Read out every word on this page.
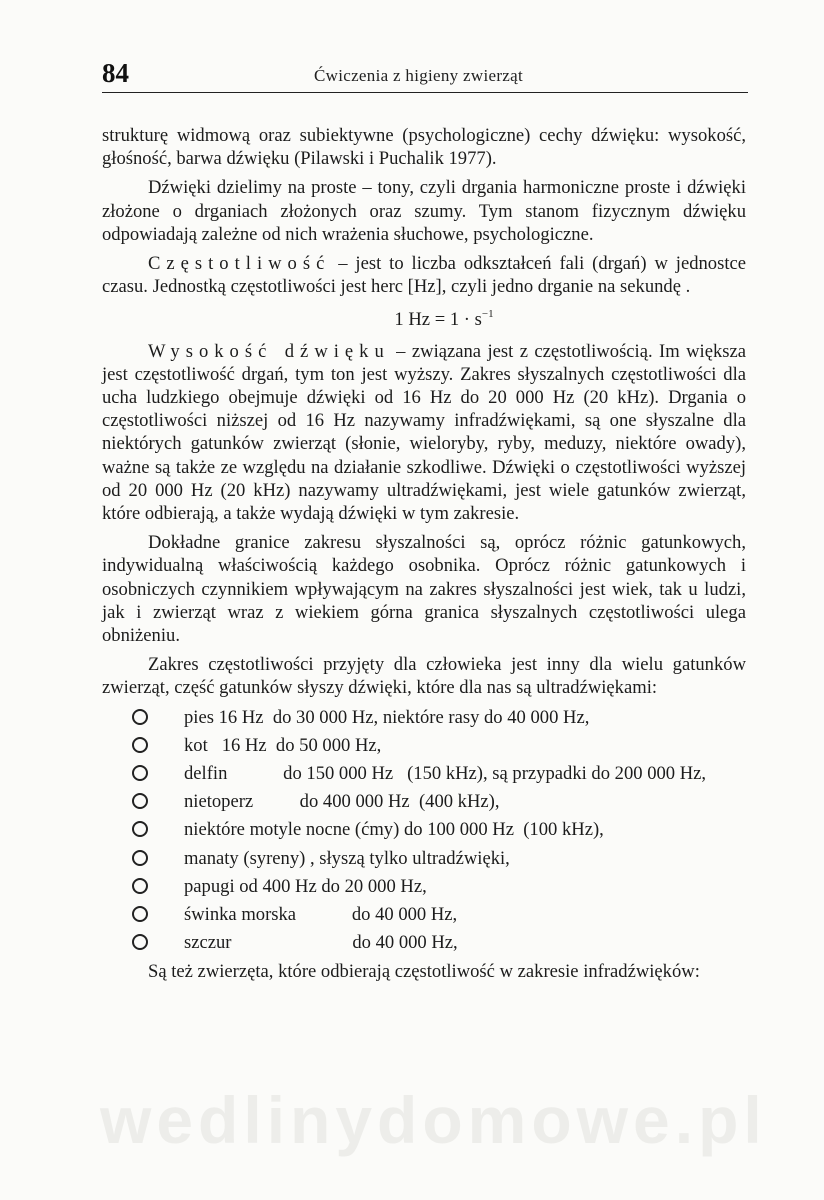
84	Ćwiczenia z higieny zwierząt

strukturę widmową oraz subiektywne (psychologiczne) cechy dźwięku: wysokość, głośność, barwa dźwięku (Pilawski i Puchalik 1977).

Dźwięki dzielimy na proste – tony, czyli drgania harmoniczne proste i dźwięki złożone o drganiach złożonych oraz szumy. Tym stanom fizycznym dźwięku odpowiadają zależne od nich wrażenia słuchowe, psychologiczne.

Częstotliwość – jest to liczba odkształceń fali (drgań) w jednostce czasu. Jednostką częstotliwości jest herc [Hz], czyli jedno drganie na sekundę .

1 $Hz = 1 \cdot s^{-1}$

Wysokość dźwięku – związana jest z częstotliwością. Im większa jest częstotliwość drgań, tym ton jest wyższy. Zakres słyszalnych częstotliwości dla ucha ludzkiego obejmuje dźwięki od 16 Hz do 20 000 Hz (20 kHz). Drgania o częstotliwości niższej od 16 Hz nazywamy infradźwiękami, są one słyszalne dla niektórych gatunków zwierząt (słonie, wieloryby, ryby, meduzy, niektóre owady), ważne są także ze względu na działanie szkodliwe. Dźwięki o częstotliwości wyższej od 20 000 Hz (20 kHz) nazywamy ultradźwiękami, jest wiele gatunków zwierząt, które odbierają, a także wydają dźwięki w tym zakresie.

Dokładne granice zakresu słyszalności są, oprócz różnic gatunkowych, indywidualną właściwością każdego osobnika. Oprócz różnic gatunkowych i osobniczych czynnikiem wpływającym na zakres słyszalności jest wiek, tak u ludzi, jak i zwierząt wraz z wiekiem górna granica słyszalnych częstotliwości ulega obniżeniu.

Zakres częstotliwości przyjęty dla człowieka jest inny dla wielu gatunków zwierząt, część gatunków słyszy dźwięki, które dla nas są ultradźwiękami:

pies 16 Hz  do 30 000 Hz, niektóre rasy do 40 000 Hz,
kot   16 Hz  do 50 000 Hz,
delfin            do 150 000 Hz   (150 kHz), są przypadki do 200 000 Hz,
nietoperz          do 400 000 Hz  (400 kHz),
niektóre motyle nocne (ćmy) do 100 000 Hz  (100 kHz),
manaty (syreny) , słyszą tylko ultradźwięki,
papugi od 400 Hz do 20 000 Hz,
świnka morska            do 40 000 Hz,
szczur                          do 40 000 Hz,

Są też zwierzęta, które odbierają częstotliwość w zakresie infradźwięków:

wedlinydomowe.pl
